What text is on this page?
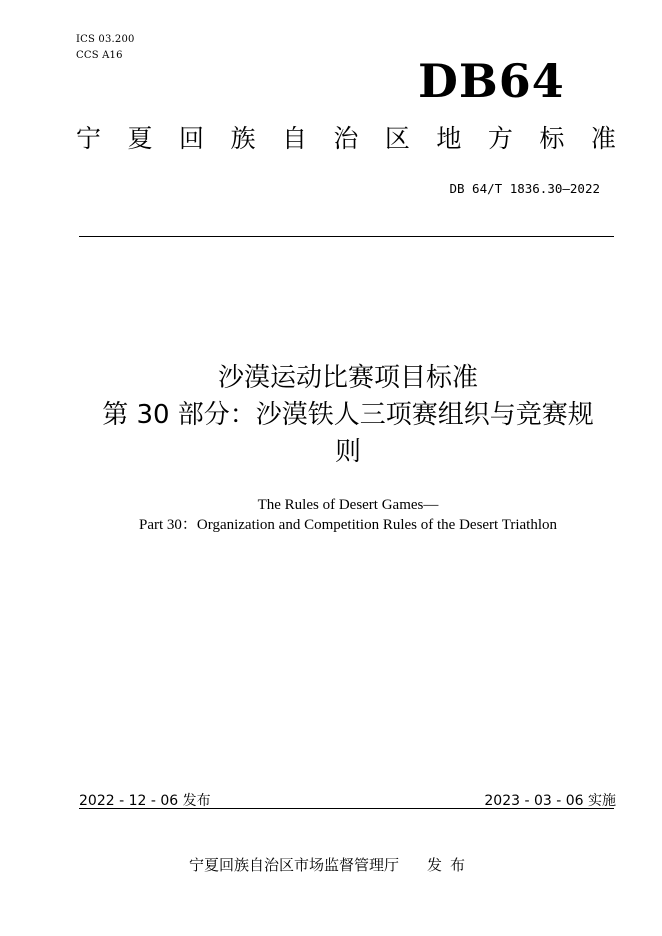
ICS 03.200
CCS A16	DB64
宁 夏 回 族 自 治 区 地 方 标 准
DB 64/T 1836.30—2022
沙漠运动比赛项目标准
第 30 部分：沙漠铁人三项赛组织与竞赛规
则
The Rules of Desert Games—
Part 30：Organization and Competition Rules of the Desert Triathlon
2022 - 12 - 06 发布	2023 - 03 - 06 实施
宁夏回族自治区市场监督管理厅 发布
